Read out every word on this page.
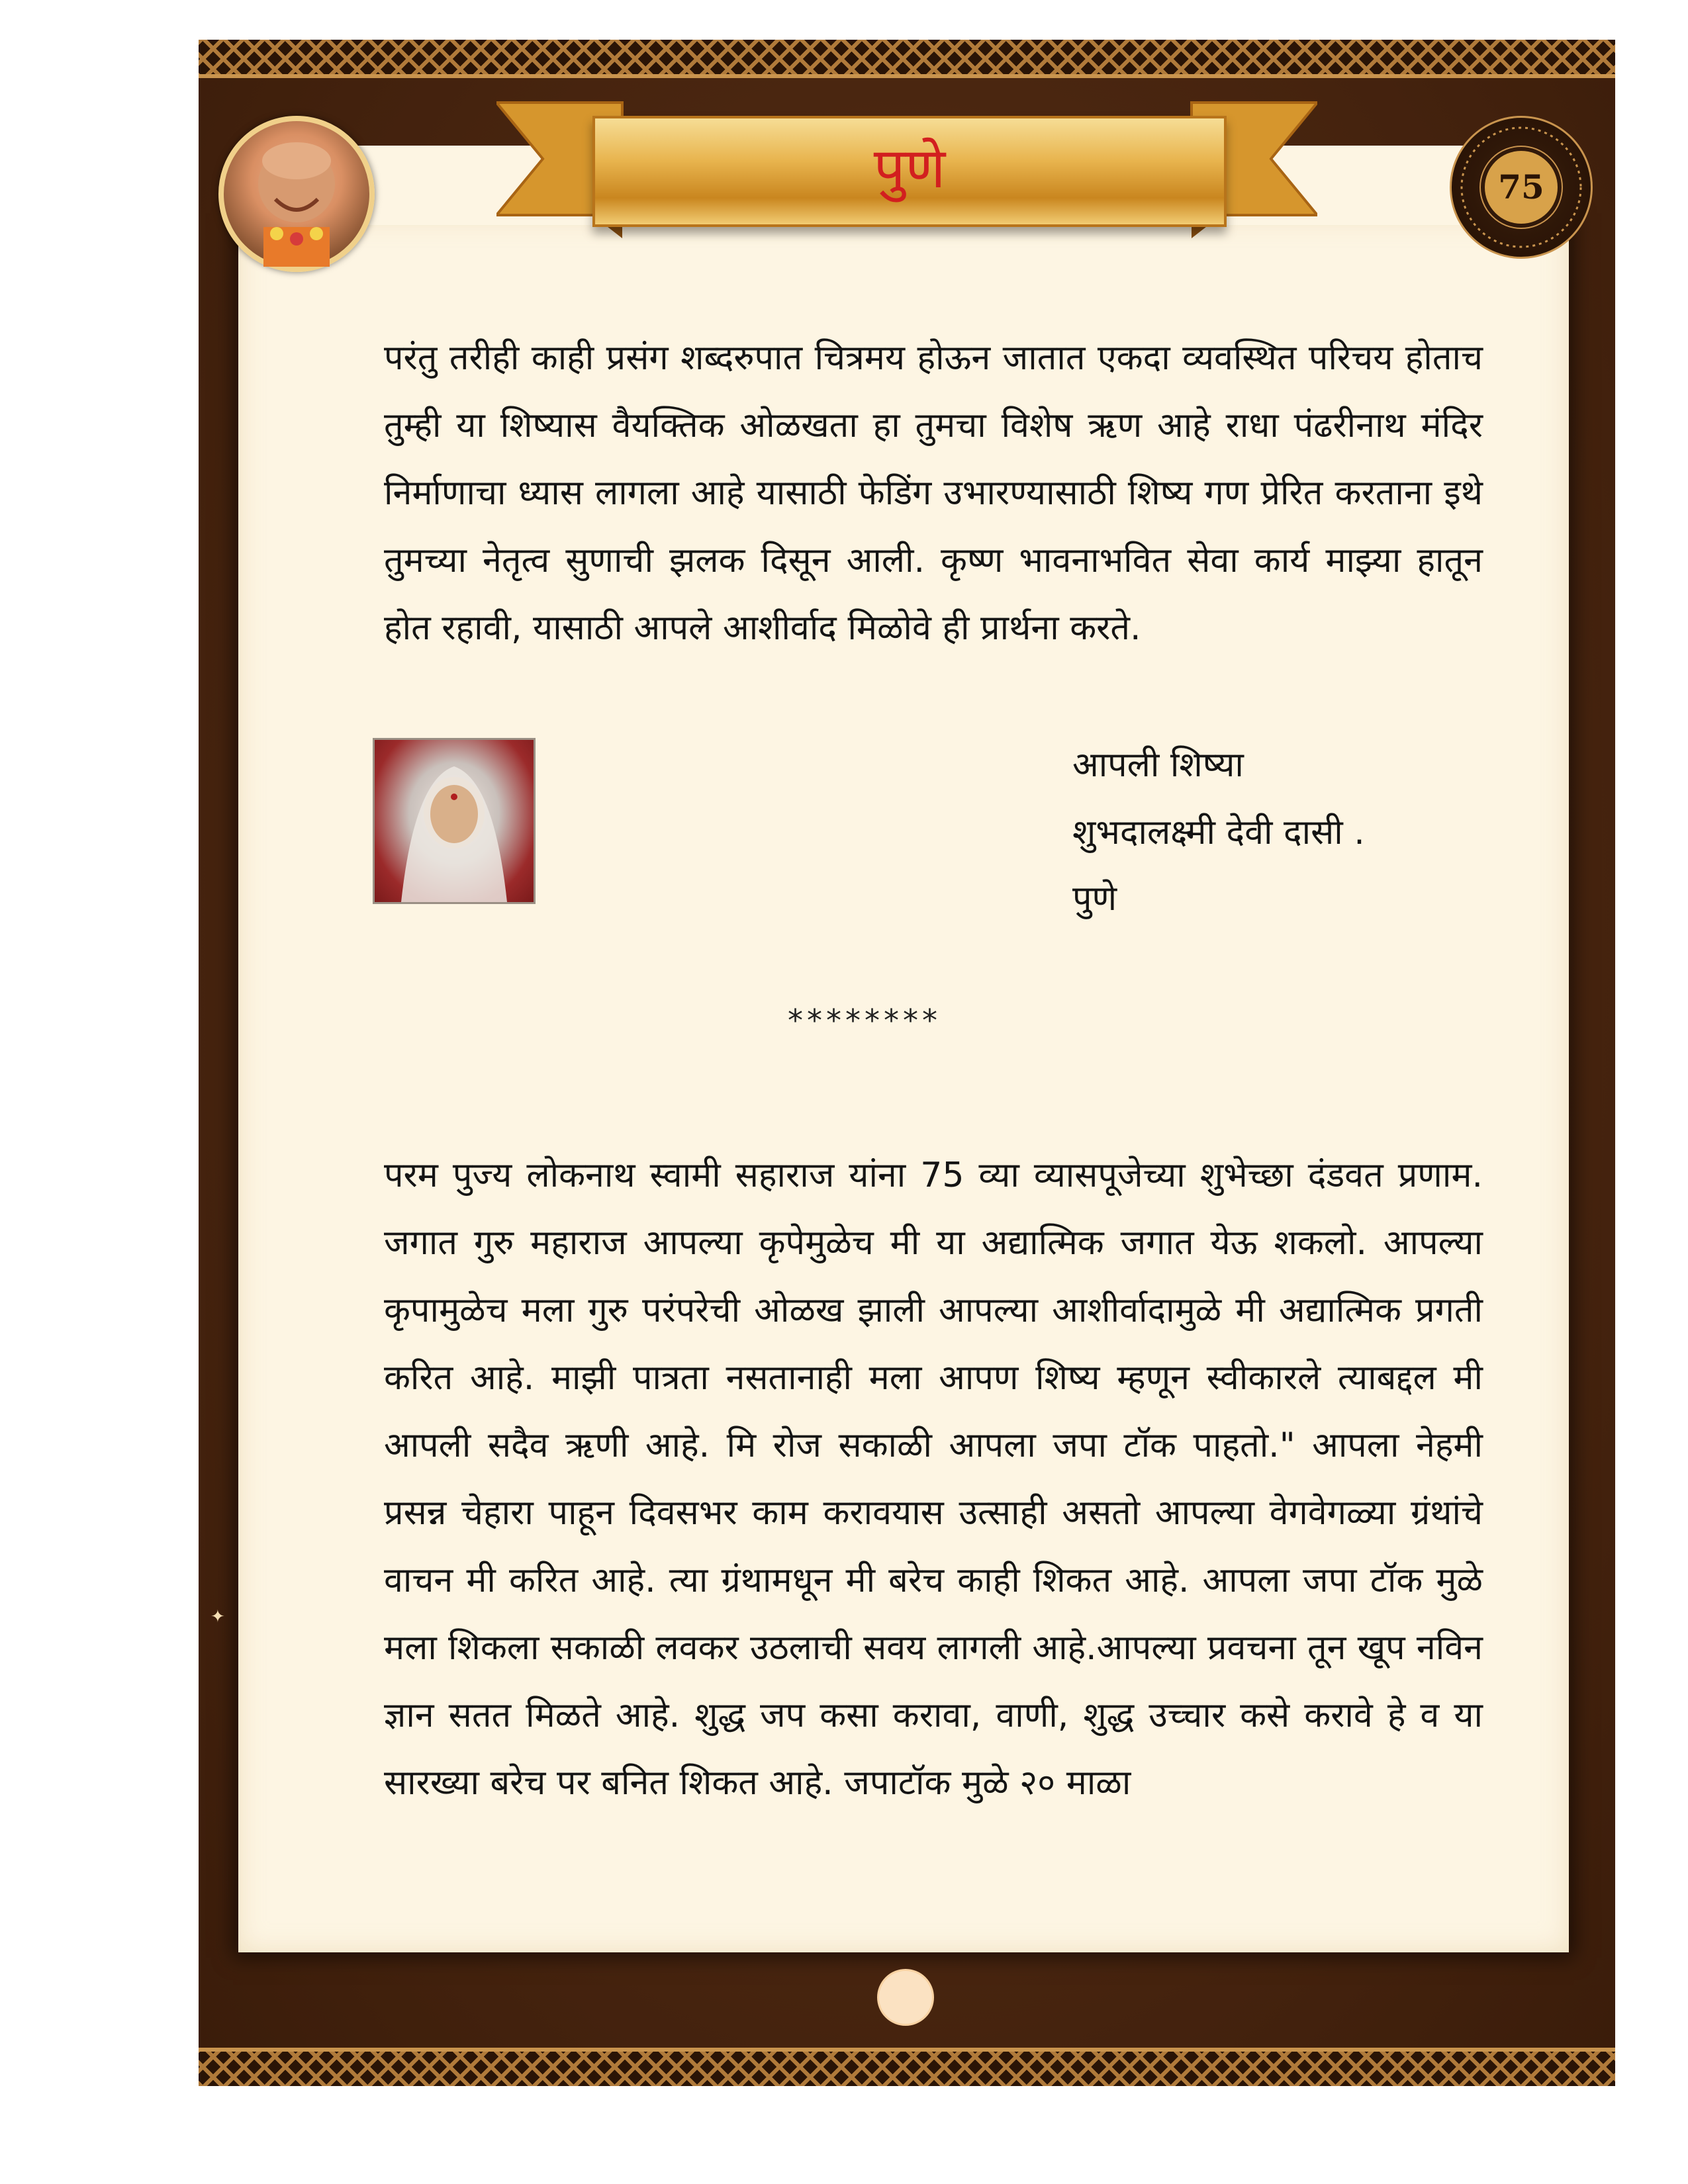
पुणे	75

परंतु तरीही काही प्रसंग शब्दरुपात चित्रमय होऊन जातात एकदा व्यवस्थित परिचय होताच तुम्ही या शिष्यास वैयक्तिक ओळखता हा तुमचा विशेष ऋण आहे राधा पंढरीनाथ मंदिर निर्माणाचा ध्यास लागला आहे यासाठी फेडिंग उभारण्यासाठी शिष्य गण प्रेरित करताना इथे तुमच्या नेतृत्व सुणाची झलक दिसून आली. कृष्ण भावनाभवित सेवा कार्य माझ्या हातून होत रहावी, यासाठी आपले आशीर्वाद मिळोवे ही प्रार्थना करते.

आपली शिष्या
शुभदालक्ष्मी देवी दासी .
पुणे
********

परम पुज्य लोकनाथ स्वामी सहाराज यांना 75 व्या व्यासपूजेच्या शुभेच्छा दंडवत प्रणाम. जगात गुरु महाराज आपल्या कृपेमुळेच मी या अद्यात्मिक जगात येऊ शकलो. आपल्या कृपामुळेच मला गुरु परंपरेची ओळख झाली आपल्या आशीर्वादामुळे मी अद्यात्मिक प्रगती करित आहे. माझी पात्रता नसतानाही मला आपण शिष्य म्हणून स्वीकारले त्याबद्दल मी आपली सदैव ऋणी आहे. मि रोज सकाळी आपला जपा टॉक पाहतो." आपला नेहमी प्रसन्न चेहारा पाहून दिवसभर काम करावयास उत्साही असतो आपल्या वेगवेगळ्या ग्रंथांचे वाचन मी करित आहे. त्या ग्रंथामधून मी बरेच काही शिकत आहे. आपला जपा टॉक मुळे मला शिकला सकाळी लवकर उठलाची सवय लागली आहे.आपल्या प्रवचना तून खूप नविन ज्ञान सतत मिळते आहे. शुद्ध जप कसा करावा, वाणी, शुद्ध उच्चार कसे करावे हे व या सारख्या बरेच पर बनित शिकत आहे. जपाटॉक मुळे २० माळा

✦
